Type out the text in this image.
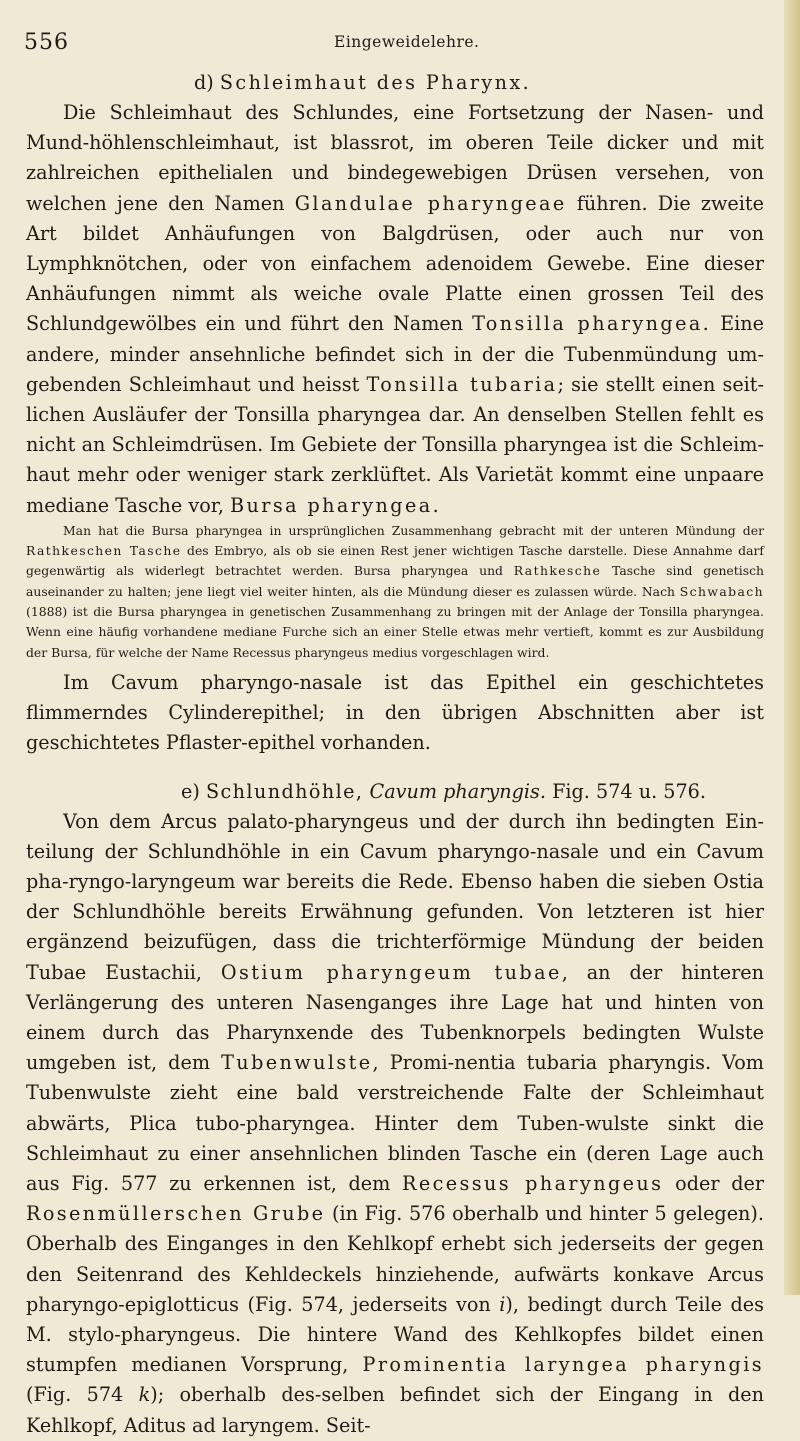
556	Eingeweidelehre.

d) Schleimhaut des Pharynx.

Die Schleimhaut des Schlundes, eine Fortsetzung der Nasen- und Mund-höhlenschleimhaut, ist blassrot, im oberen Teile dicker und mit zahlreichen epithelialen und bindegewebigen Drüsen versehen, von welchen jene den Namen Glandulae pharyngeae führen. Die zweite Art bildet Anhäufungen von Balgdrüsen, oder auch nur von Lymphknötchen, oder von einfachem adenoidem Gewebe. Eine dieser Anhäufungen nimmt als weiche ovale Platte einen grossen Teil des Schlundgewölbes ein und führt den Namen Tonsilla pharyngea. Eine andere, minder ansehnliche befindet sich in der die Tubenmündung um-gebenden Schleimhaut und heisst Tonsilla tubaria; sie stellt einen seit-lichen Ausläufer der Tonsilla pharyngea dar. An denselben Stellen fehlt es nicht an Schleimdrüsen. Im Gebiete der Tonsilla pharyngea ist die Schleim-haut mehr oder weniger stark zerklüftet. Als Varietät kommt eine unpaare mediane Tasche vor, Bursa pharyngea.

Man hat die Bursa pharyngea in ursprünglichen Zusammenhang gebracht mit der unteren Mündung der Rathkeschen Tasche des Embryo, als ob sie einen Rest jener wichtigen Tasche darstelle. Diese Annahme darf gegenwärtig als widerlegt betrachtet werden. Bursa pharyngea und Rathkesche Tasche sind genetisch auseinander zu halten; jene liegt viel weiter hinten, als die Mündung dieser es zulassen würde. Nach Schwabach (1888) ist die Bursa pharyngea in genetischen Zusammenhang zu bringen mit der Anlage der Tonsilla pharyngea. Wenn eine häufig vorhandene mediane Furche sich an einer Stelle etwas mehr vertieft, kommt es zur Ausbildung der Bursa, für welche der Name Recessus pharyngeus medius vorgeschlagen wird.

Im Cavum pharyngo-nasale ist das Epithel ein geschichtetes flimmerndes Cylinderepithel; in den übrigen Abschnitten aber ist geschichtetes Pflaster-epithel vorhanden.

e) Schlundhöhle, Cavum pharyngis. Fig. 574 u. 576.

Von dem Arcus palato-pharyngeus und der durch ihn bedingten Ein-teilung der Schlundhöhle in ein Cavum pharyngo-nasale und ein Cavum pha-ryngo-laryngeum war bereits die Rede. Ebenso haben die sieben Ostia der Schlundhöhle bereits Erwähnung gefunden. Von letzteren ist hier ergänzend beizufügen, dass die trichterförmige Mündung der beiden Tubae Eustachii, Ostium pharyngeum tubae, an der hinteren Verlängerung des unteren Nasenganges ihre Lage hat und hinten von einem durch das Pharynxende des Tubenknorpels bedingten Wulste umgeben ist, dem Tubenwulste, Promi-nentia tubaria pharyngis. Vom Tubenwulste zieht eine bald verstreichende Falte der Schleimhaut abwärts, Plica tubo-pharyngea. Hinter dem Tuben-wulste sinkt die Schleimhaut zu einer ansehnlichen blinden Tasche ein (deren Lage auch aus Fig. 577 zu erkennen ist, dem Recessus pharyngeus oder der Rosenmüllerschen Grube (in Fig. 576 oberhalb und hinter 5 gelegen). Oberhalb des Einganges in den Kehlkopf erhebt sich jederseits der gegen den Seitenrand des Kehldeckels hinziehende, aufwärts konkave Arcus pharyngo-epiglotticus (Fig. 574, jederseits von i), bedingt durch Teile des M. stylo-pharyngeus. Die hintere Wand des Kehlkopfes bildet einen stumpfen medianen Vorsprung, Prominentia laryngea pharyngis (Fig. 574 k); oberhalb des-selben befindet sich der Eingang in den Kehlkopf, Aditus ad laryngem. Seit-
